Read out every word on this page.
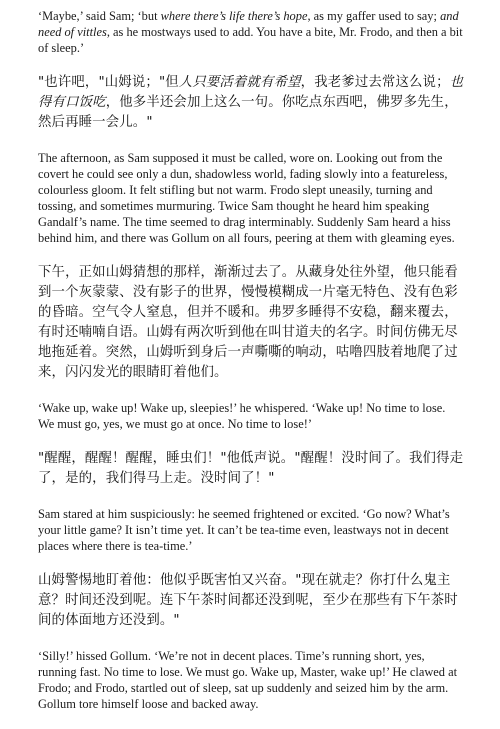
‘Maybe,’ said Sam; ‘but where there’s life there’s hope, as my gaffer used to say; and need of vittles, as he mostways used to add. You have a bite, Mr. Frodo, and then a bit of sleep.’

"也许吧，"山姆说；"但人只要活着就有希望，我老爹过去常这么说；也得有口饭吃，他多半还会加上这么一句。你吃点东西吧，佛罗多先生，然后再睡一会儿。"

The afternoon, as Sam supposed it must be called, wore on. Looking out from the covert he could see only a dun, shadowless world, fading slowly into a featureless, colourless gloom. It felt stifling but not warm. Frodo slept uneasily, turning and tossing, and sometimes murmuring. Twice Sam thought he heard him speaking Gandalf’s name. The time seemed to drag interminably. Suddenly Sam heard a hiss behind him, and there was Gollum on all fours, peering at them with gleaming eyes.

下午，正如山姆猜想的那样，渐渐过去了。从藏身处往外望，他只能看到一个灰蒙蒙、没有影子的世界，慢慢模糊成一片毫无特色、没有色彩的昏暗。空气令人窒息，但并不暖和。弗罗多睡得不安稳，翻来覆去，有时还喃喃自语。山姆有两次听到他在叫甘道夫的名字。时间仿佛无尽地拖延着。突然，山姆听到身后一声嘶嘶的响动，咕噜四肢着地爬了过来，闪闪发光的眼睛盯着他们。

‘Wake up, wake up! Wake up, sleepies!’ he whispered. ‘Wake up! No time to lose. We must go, yes, we must go at once. No time to lose!’

"醒醒，醒醒！醒醒，睡虫们！"他低声说。"醒醒！没时间了。我们得走了，是的，我们得马上走。没时间了！"

Sam stared at him suspiciously: he seemed frightened or excited. ‘Go now? What’s your little game? It isn’t time yet. It can’t be tea-time even, leastways not in decent places where there is tea-time.’

山姆警惕地盯着他：他似乎既害怕又兴奋。"现在就走？你打什么鬼主意？时间还没到呢。连下午茶时间都还没到呢，至少在那些有下午茶时间的体面地方还没到。"

‘Silly!’ hissed Gollum. ‘We’re not in decent places. Time’s running short, yes, running fast. No time to lose. We must go. Wake up, Master, wake up!’ He clawed at Frodo; and Frodo, startled out of sleep, sat up suddenly and seized him by the arm. Gollum tore himself loose and backed away.
